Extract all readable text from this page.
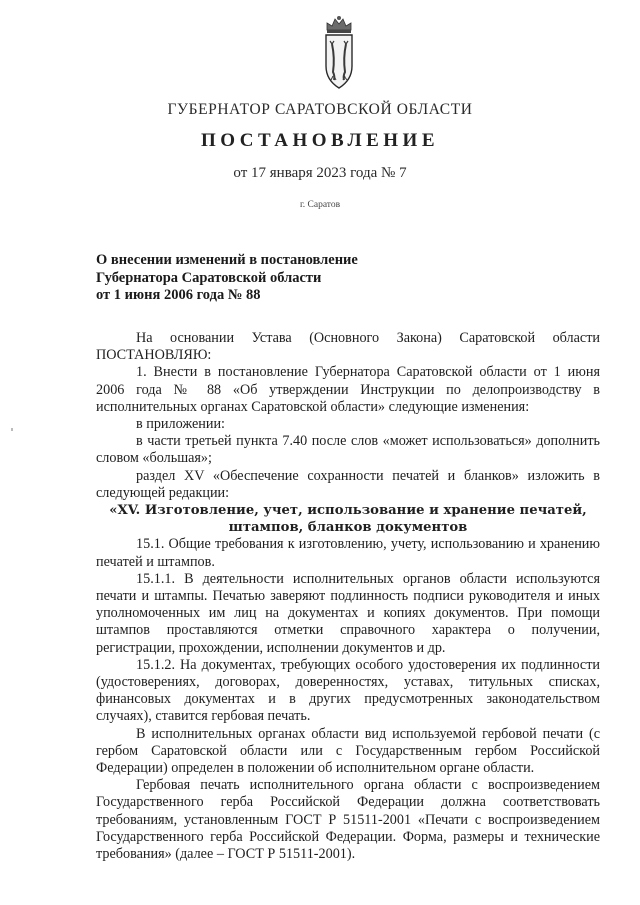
ГУБЕРНАТОР САРАТОВСКОЙ ОБЛАСТИ
ПОСТАНОВЛЕНИЕ
от 17 января 2023 года № 7
г. Саратов
О внесении изменений в постановление
Губернатора Саратовской области
от 1 июня 2006 года № 88

На основании Устава (Основного Закона) Саратовской области ПОСТАНОВЛЯЮ:

1. Внести в постановление Губернатора Саратовской области от 1 июня 2006 года № 88 «Об утверждении Инструкции по делопроизводству в исполнительных органах Саратовской области» следующие изменения:

в приложении:

в части третьей пункта 7.40 после слов «может использоваться» дополнить словом «большая»;

раздел XV «Обеспечение сохранности печатей и бланков» изложить в следующей редакции:

«XV. Изготовление, учет, использование и хранение печатей, штампов, бланков документов

15.1. Общие требования к изготовлению, учету, использованию и хранению печатей и штампов.

15.1.1. В деятельности исполнительных органов области используются печати и штампы. Печатью заверяют подлинность подписи руководителя и иных уполномоченных им лиц на документах и копиях документов. При помощи штампов проставляются отметки справочного характера о получении, регистрации, прохождении, исполнении документов и др.

15.1.2. На документах, требующих особого удостоверения их подлинности (удостоверениях, договорах, доверенностях, уставах, титульных списках, финансовых документах и в других предусмотренных законодательством случаях), ставится гербовая печать.

В исполнительных органах области вид используемой гербовой печати (с гербом Саратовской области или с Государственным гербом Российской Федерации) определен в положении об исполнительном органе области.

Гербовая печать исполнительного органа области с воспроизведением Государственного герба Российской Федерации должна соответствовать требованиям, установленным ГОСТ Р 51511-2001 «Печати с воспроизведением Государственного герба Российской Федерации. Форма, размеры и технические требования» (далее – ГОСТ Р 51511-2001).
